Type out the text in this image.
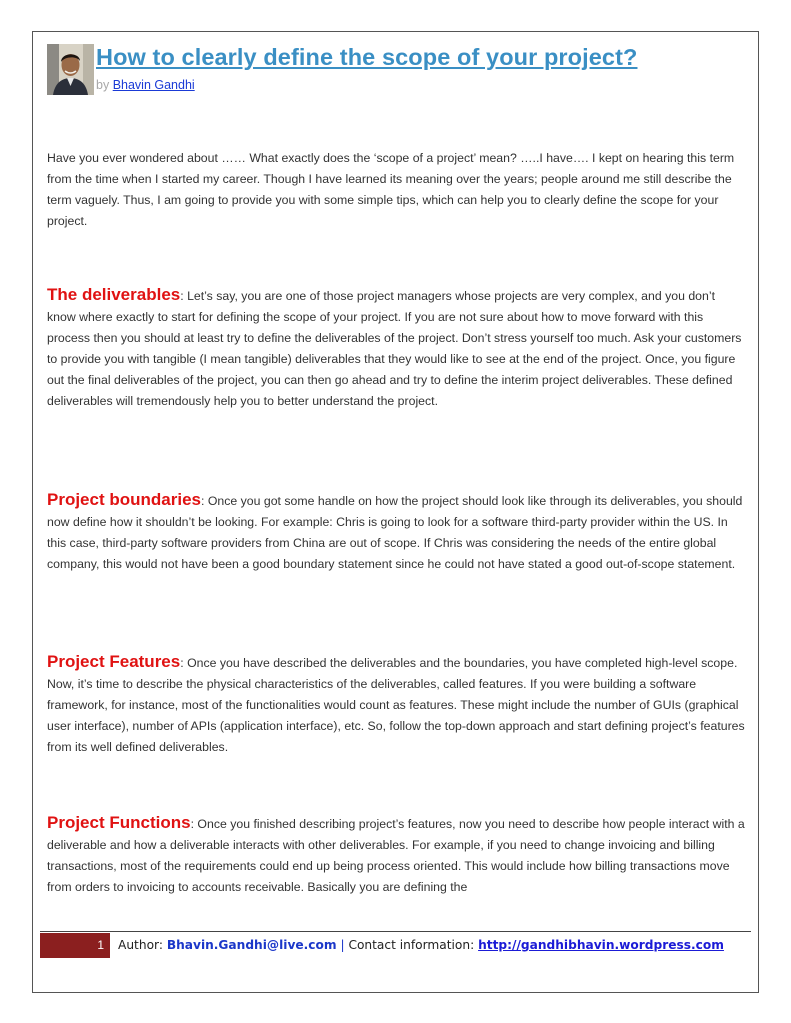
How to clearly define the scope of your project?
by Bhavin Gandhi

Have you ever wondered about …… What exactly does the ‘scope of a project’ mean? …..I have…. I kept on hearing this term from the time when I started my career. Though I have learned its meaning over the years; people around me still describe the term vaguely. Thus, I am going to provide you with some simple tips, which can help you to clearly define the scope for your project.

The deliverables: Let’s say, you are one of those project managers whose projects are very complex, and you don’t know where exactly to start for defining the scope of your project. If you are not sure about how to move forward with this process then you should at least try to define the deliverables of the project. Don’t stress yourself too much. Ask your customers to provide you with tangible (I mean tangible) deliverables that they would like to see at the end of the project. Once, you figure out the final deliverables of the project, you can then go ahead and try to define the interim project deliverables. These defined deliverables will tremendously help you to better understand the project.

Project boundaries: Once you got some handle on how the project should look like through its deliverables, you should now define how it shouldn’t be looking. For example: Chris is going to look for a software third-party provider within the US. In this case, third-party software providers from China are out of scope. If Chris was considering the needs of the entire global company, this would not have been a good boundary statement since he could not have stated a good out-of-scope statement.

Project Features: Once you have described the deliverables and the boundaries, you have completed high-level scope. Now, it’s time to describe the physical characteristics of the deliverables, called features. If you were building a software framework, for instance, most of the functionalities would count as features. These might include the number of GUIs (graphical user interface), number of APIs (application interface), etc. So, follow the top-down approach and start defining project’s features from its well defined deliverables.

Project Functions: Once you finished describing project’s features, now you need to describe how people interact with a deliverable and how a deliverable interacts with other deliverables. For example, if you need to change invoicing and billing transactions, most of the requirements could end up being process oriented. This would include how billing transactions move from orders to invoicing to accounts receivable. Basically you are defining the

1 Author: Bhavin.Gandhi@live.com | Contact information: http://gandhibhavin.wordpress.com
